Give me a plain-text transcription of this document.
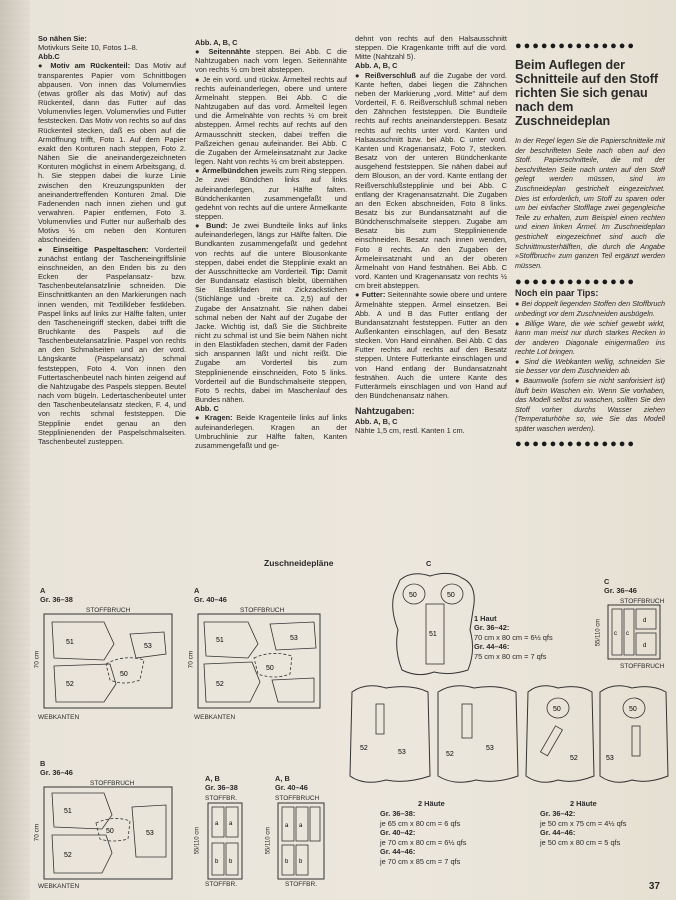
So nähen Sie:

Motivkurs Seite 10, Fotos 1–8.

Abb.C

● Motiv am Rückenteil: Das Motiv auf transparentes Papier vom Schnittbogen abpausen. Von innen das Volumenvlies (etwas größer als das Motiv) auf das Rückenteil, dann das Futter auf das Volumenvlies legen. Volumenvlies und Futter feststecken. Das Motiv von rechts so auf das Rückenteil stecken, daß es oben auf die Armöffnung trifft, Foto 1. Auf dem Papier exakt den Konturen nach steppen, Foto 2. Nähen Sie die aneinandergezeichneten Konturen möglichst in einem Arbeitsgang, d. h. Sie steppen dabei die kurze Linie zwischen den Kreuzungspunkten der aneinandertreffenden Konturen 2mal. Die Fadenenden nach innen ziehen und gut verwahren. Papier entfernen, Foto 3. Volumenvlies und Futter nur außerhalb des Motivs ½ cm neben den Konturen abschneiden.

● Einseitige Paspeltaschen: Vorderteil zunächst entlang der Tascheneingriffslinie einschneiden, an den Enden bis zu den Ecken der Paspelansatz- bzw. Taschenbeutelansatzlinie schneiden. Die Einschnittkanten an den Markierungen nach innen wenden, mit Textilkleber festkleben. Paspel links auf links zur Hälfte falten, unter den Tascheneingriff stecken, dabei trifft die Bruchkante des Paspels auf die Taschenbeutelansatzlinie. Paspel von rechts an den Schmalseiten und an der vord. Längskante (Paspelansatz) schmal feststeppen, Foto 4. Von innen den Futtertaschenbeutel nach hinten zeigend auf die Nahtzugabe des Paspels steppen. Beutel nach vorn bügeln. Ledertaschenbeutel unter den Taschenbeutelansatz stecken, F. 4, und von rechts schmal feststeppen. Die Stepplinie endet genau an den Stepplinienenden der Paspelschmalseiten. Taschenbeutel zusteppen.

Abb. A, B, C

● Seitennähte steppen. Bei Abb. C die Nahtzugaben nach vorn legen. Seitennähte von rechts ½ cm breit absteppen.

● Je ein vord. und rückw. Ärmelteil rechts auf rechts aufeinanderlegen, obere und untere Ärmelnaht steppen. Bei Abb. C die Nahtzugaben auf das vord. Ärmelteil legen und die Ärmelnähte von rechts ½ cm breit absteppen. Ärmel rechts auf rechts auf den Armausschnitt stecken, dabei treffen die Paßzeichen genau aufeinander. Bei Abb. C die Zugaben der Ärmeleinsatznaht zur Jacke legen. Naht von rechts ½ cm breit absteppen.

● Ärmelbündchen jeweils zum Ring steppen. Je zwei Bündchen links auf links aufeinanderlegen, zur Hälfte falten. Bündchenkanten zusammengefaßt und gedehnt von rechts auf die untere Ärmelkante steppen.

● Bund: Je zwei Bundteile links auf links aufeinanderlegen, längs zur Hälfte falten. Die Bundkanten zusammengefaßt und gedehnt von rechts auf die untere Blousonkante steppen, dabei endet die Stepplinie exakt an der Ausschnittecke am Vorderteil. Tip: Damit der Bundansatz elastisch bleibt, übernähen Sie Elastikfaden mit Zickzackstichen (Stichlänge und -breite ca. 2,5) auf der Zugabe der Ansatznaht. Sie nähen dabei schmal neben der Naht auf der Zugabe der Jacke. Wichtig ist, daß Sie die Stichbreite nicht zu schmal ist und Sie beim Nähen nicht in den Elastikfaden stechen, damit der Faden sich anspannen läßt und nicht reißt. Die Zugabe am Vorderteil bis zum Stepplinienende einschneiden, Foto 5 links. Vorderteil auf die Bundschmalseite steppen, Foto 5 rechts, dabei im Maschenlauf des Bundes nähen.

Abb. C

● Kragen: Beide Kragenteile links auf links aufeinanderlegen. Kragen an der Umbruchlinie zur Hälfte falten, Kanten zusammengefaßt und ge-

dehnt von rechts auf den Halsausschnitt steppen. Die Kragenkante trifft auf die vord. Mitte (Nahtzahl 5).

Abb. A, B, C

● Reißverschluß auf die Zugabe der vord. Kante heften, dabei liegen die Zähnchen neben der Markierung „vord. Mitte" auf dem Vorderteil, F. 6. Reißverschluß schmal neben den Zähnchen feststeppen. Die Bundteile rechts auf rechts aneinandersteppen. Besatz rechts auf rechts unter vord. Kanten und Halsausschnitt bzw. bei Abb. C unter vord. Kanten und Kragenansatz, Foto 7, stecken. Besatz von der unteren Bündchenkante ausgehend feststeppen. Sie nähen dabei auf dem Blouson, an der vord. Kante entlang der Reißverschlußstepplinie und bei Abb. C entlang der Kragenansatznaht. Die Zugaben an den Ecken abschneiden, Foto 8 links. Besatz bis zur Bundansatznaht auf die Bündchenschmalseite steppen. Zugabe am Besatz bis zum Stepplinienende einschneiden. Besatz nach innen wenden, Foto 8 rechts. An den Zugaben der Ärmeleinsatznaht und an der oberen Ärmelnaht von Hand festnähen. Bei Abb. C vord. Kanten und Kragenansatz von rechts ½ cm breit absteppen.

● Futter: Seitennähte sowie obere und untere Ärmelnähte steppen. Ärmel einsetzen. Bei Abb. A und B das Futter entlang der Bundansatznaht feststeppen. Futter an den Außenkanten einschlagen, auf den Besatz stecken. Von Hand einnähen. Bei Abb. C das Futter rechts auf rechts auf den Besatz steppen. Untere Futterkante einschlagen und von Hand entlang der Bundansatznaht festnähen. Auch die untere Kante des Futterärmels einschlagen und von Hand auf den Bündchenansatz nähen.

Nahtzugaben:

Abb. A, B, C

Nähte 1,5 cm, restl. Kanten 1 cm.

●●●●●●●●●●●●●●
Beim Auflegen der Schnitteile auf den Stoff richten Sie sich genau nach dem Zuschneideplan

In der Regel legen Sie die Papierschnitteile mit der beschrifteten Seite nach oben auf den Stoff. Papierschnitteile, die mit der beschrifteten Seite nach unten auf den Stoff gelegt werden müssen, sind im Zuschneideplan gestrichelt eingezeichnet. Dies ist erforderlich, um Stoff zu sparen oder um bei einfacher Stofflage zwei gegengleiche Teile zu erhalten, zum Beispiel einen rechten und einen linken Ärmel. Im Zuschneideplan gestrichelt eingezeichnet sind auch die Schnittmusterhälften, die durch die Angabe »Stoffbruch« zum ganzen Teil ergänzt werden müssen.

●●●●●●●●●●●●●●

Noch ein paar Tips:

● Bei doppelt liegenden Stoffen den Stoffbruch unbedingt vor dem Zuschneiden ausbügeln.

● Billige Ware, die wie schief gewebt wirkt, kann man meist nur durch starkes Recken in der anderen Diagonale einigermaßen ins rechte Lot bringen.

● Sind die Webkanten wellig, schneiden Sie sie besser vor dem Zuschneiden ab.

● Baumwolle (sofern sie nicht sanforisiert ist) läuft beim Waschen ein. Wenn Sie vorhaben, das Modell selbst zu waschen, sollten Sie den Stoff vorher durchs Wasser ziehen (Temperaturhöhe so, wie Sie das Modell später waschen werden).

●●●●●●●●●●●●●●
Zuschneidepläne
A
Gr. 36–38
STOFFBRUCH
WEBKANTEN
70 cm
51
52
50
53
A
Gr. 40–46
STOFFBRUCH
WEBKANTEN
70 cm
51
52
50
53
B
Gr. 36–46
STOFFBRUCH
WEBKANTEN
70 cm
51
52
50	53
A, B
Gr. 36–38
STOFFBR.
STOFFBR.
55/110 cm
a a
b b
A, B
Gr. 40–46
STOFFBRUCH
STOFFBR.
55/110 cm
a a
b b
C
50	50
51
1 Haut
Gr. 36–42:
70 cm x 80 cm = 6½ qfs
Gr. 44–46:
75 cm x 80 cm = 7 qfs
C
Gr. 36–46
STOFFBRUCH
STOFFBRUCH
55/110 cm	c c
d
d
52
53	52
53
2 Häute
Gr. 36–38:
je 65 cm x 80 cm = 6 qfs
Gr. 40–42:
je 70 cm x 80 cm = 6½ qfs
Gr. 44–46:
je 70 cm x 85 cm = 7 qfs
50	50
52	53
2 Häute
Gr. 36–42:
je 50 cm x 75 cm = 4½ qfs
Gr. 44–46:
je 50 cm x 80 cm = 5 qfs
37
